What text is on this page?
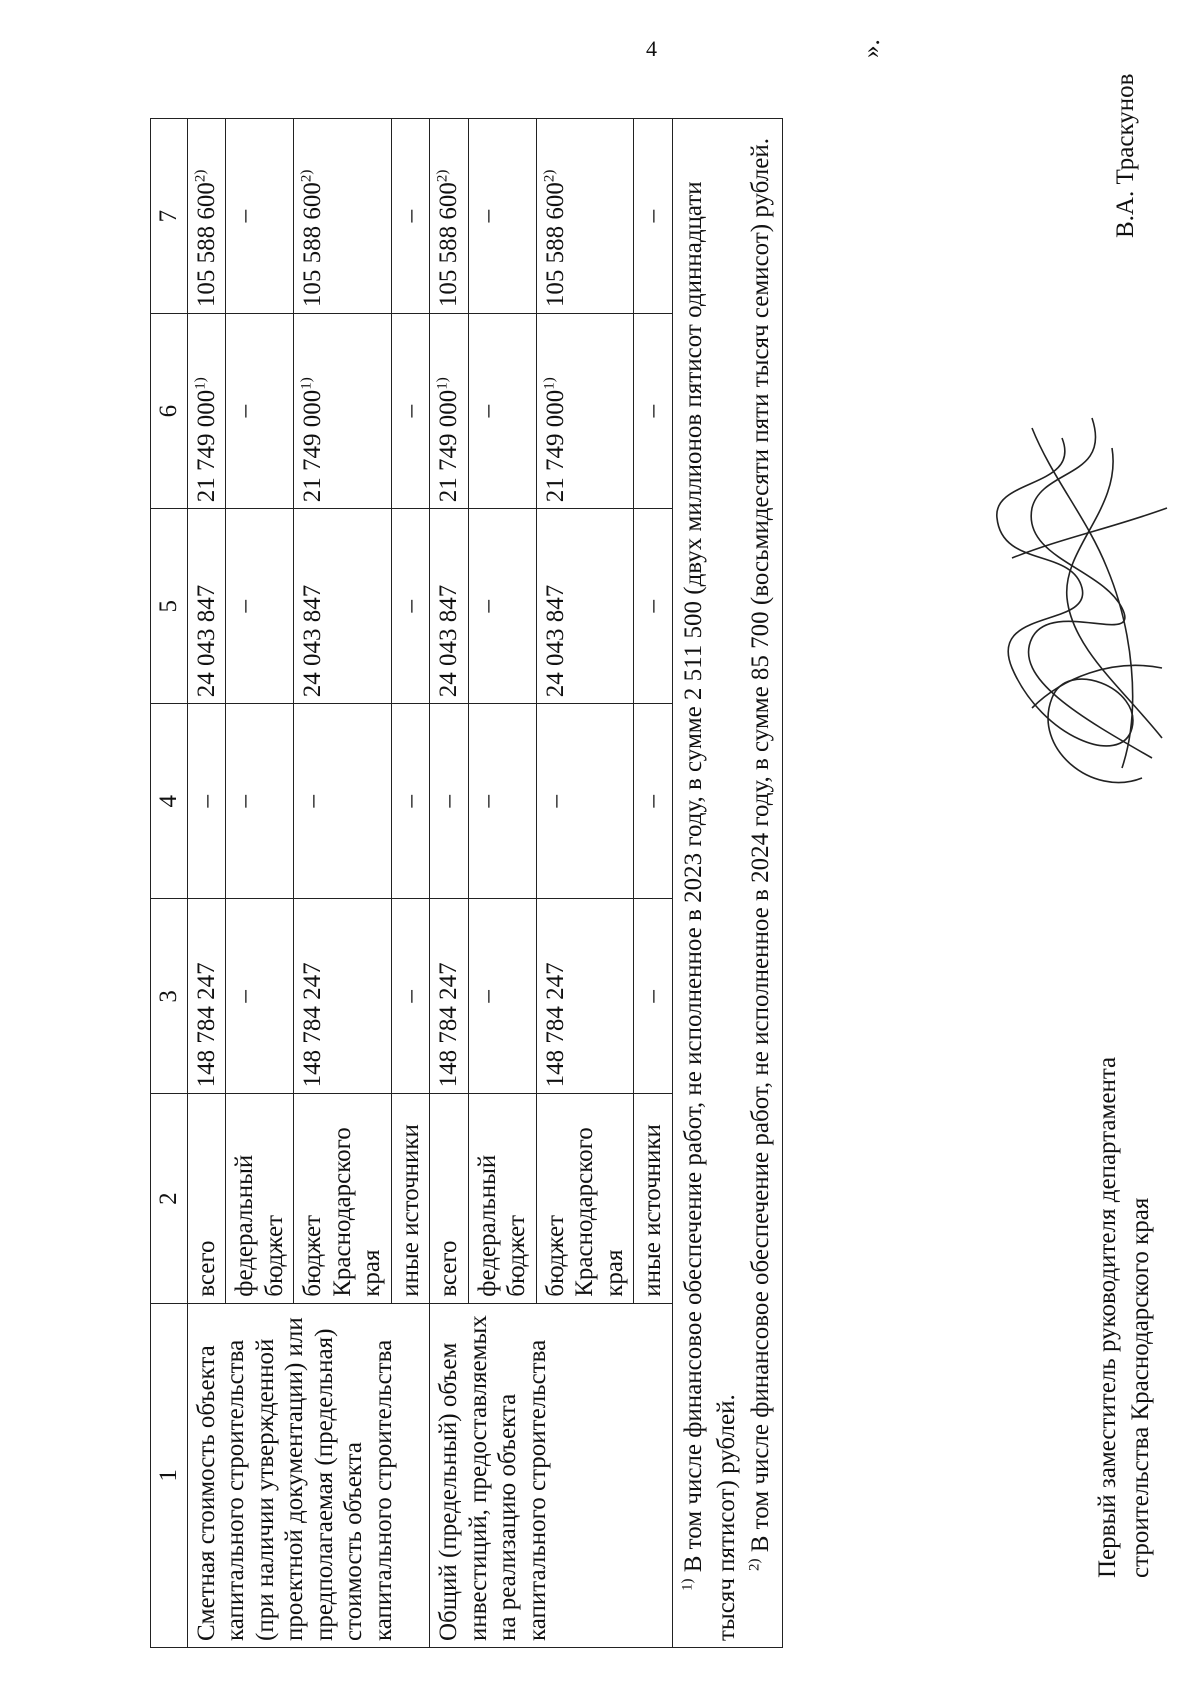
4
1	2	3	4	5	6	7
Сметная стоимость объекта капитального строительства (при наличии утвержденной проектной документации) или предполагаемая (предельная) стоимость объекта капитального строительства	всего	148 784 247	–	24 043 847	21 749 000$^{1)}$	105 588 600$^{2)}$
	федеральный бюджет	–	–	–	–	–
	бюджет Краснодарского края	148 784 247	–	24 043 847	21 749 000$^{1)}$	105 588 600$^{2)}$
	иные источники	–	–	–	–	–
Общий (предельный) объем инвестиций, предоставляемых на реализацию объекта капитального строительства	всего	148 784 247	–	24 043 847	21 749 000$^{1)}$	105 588 600$^{2)}$
	федеральный бюджет	–	–	–	–	–
	бюджет Краснодарского края	148 784 247	–	24 043 847	21 749 000$^{1)}$	105 588 600$^{2)}$
	иные источники	–	–	–	–	–

$^{1)}$ В том числе финансовое обеспечение работ, не исполненное в 2023 году, в сумме 2 511 500 (двух миллионов пятисот одиннадцати тысяч пятисот) рублей. $^{2)}$ В том числе финансовое обеспечение работ, не исполненное в 2024 году, в сумме 85 700 (восьмидесяти пяти тысяч семисот) рублей.						
».
Первый заместитель руководителя департамента строительства Краснодарского края
В.А. Траскунов
